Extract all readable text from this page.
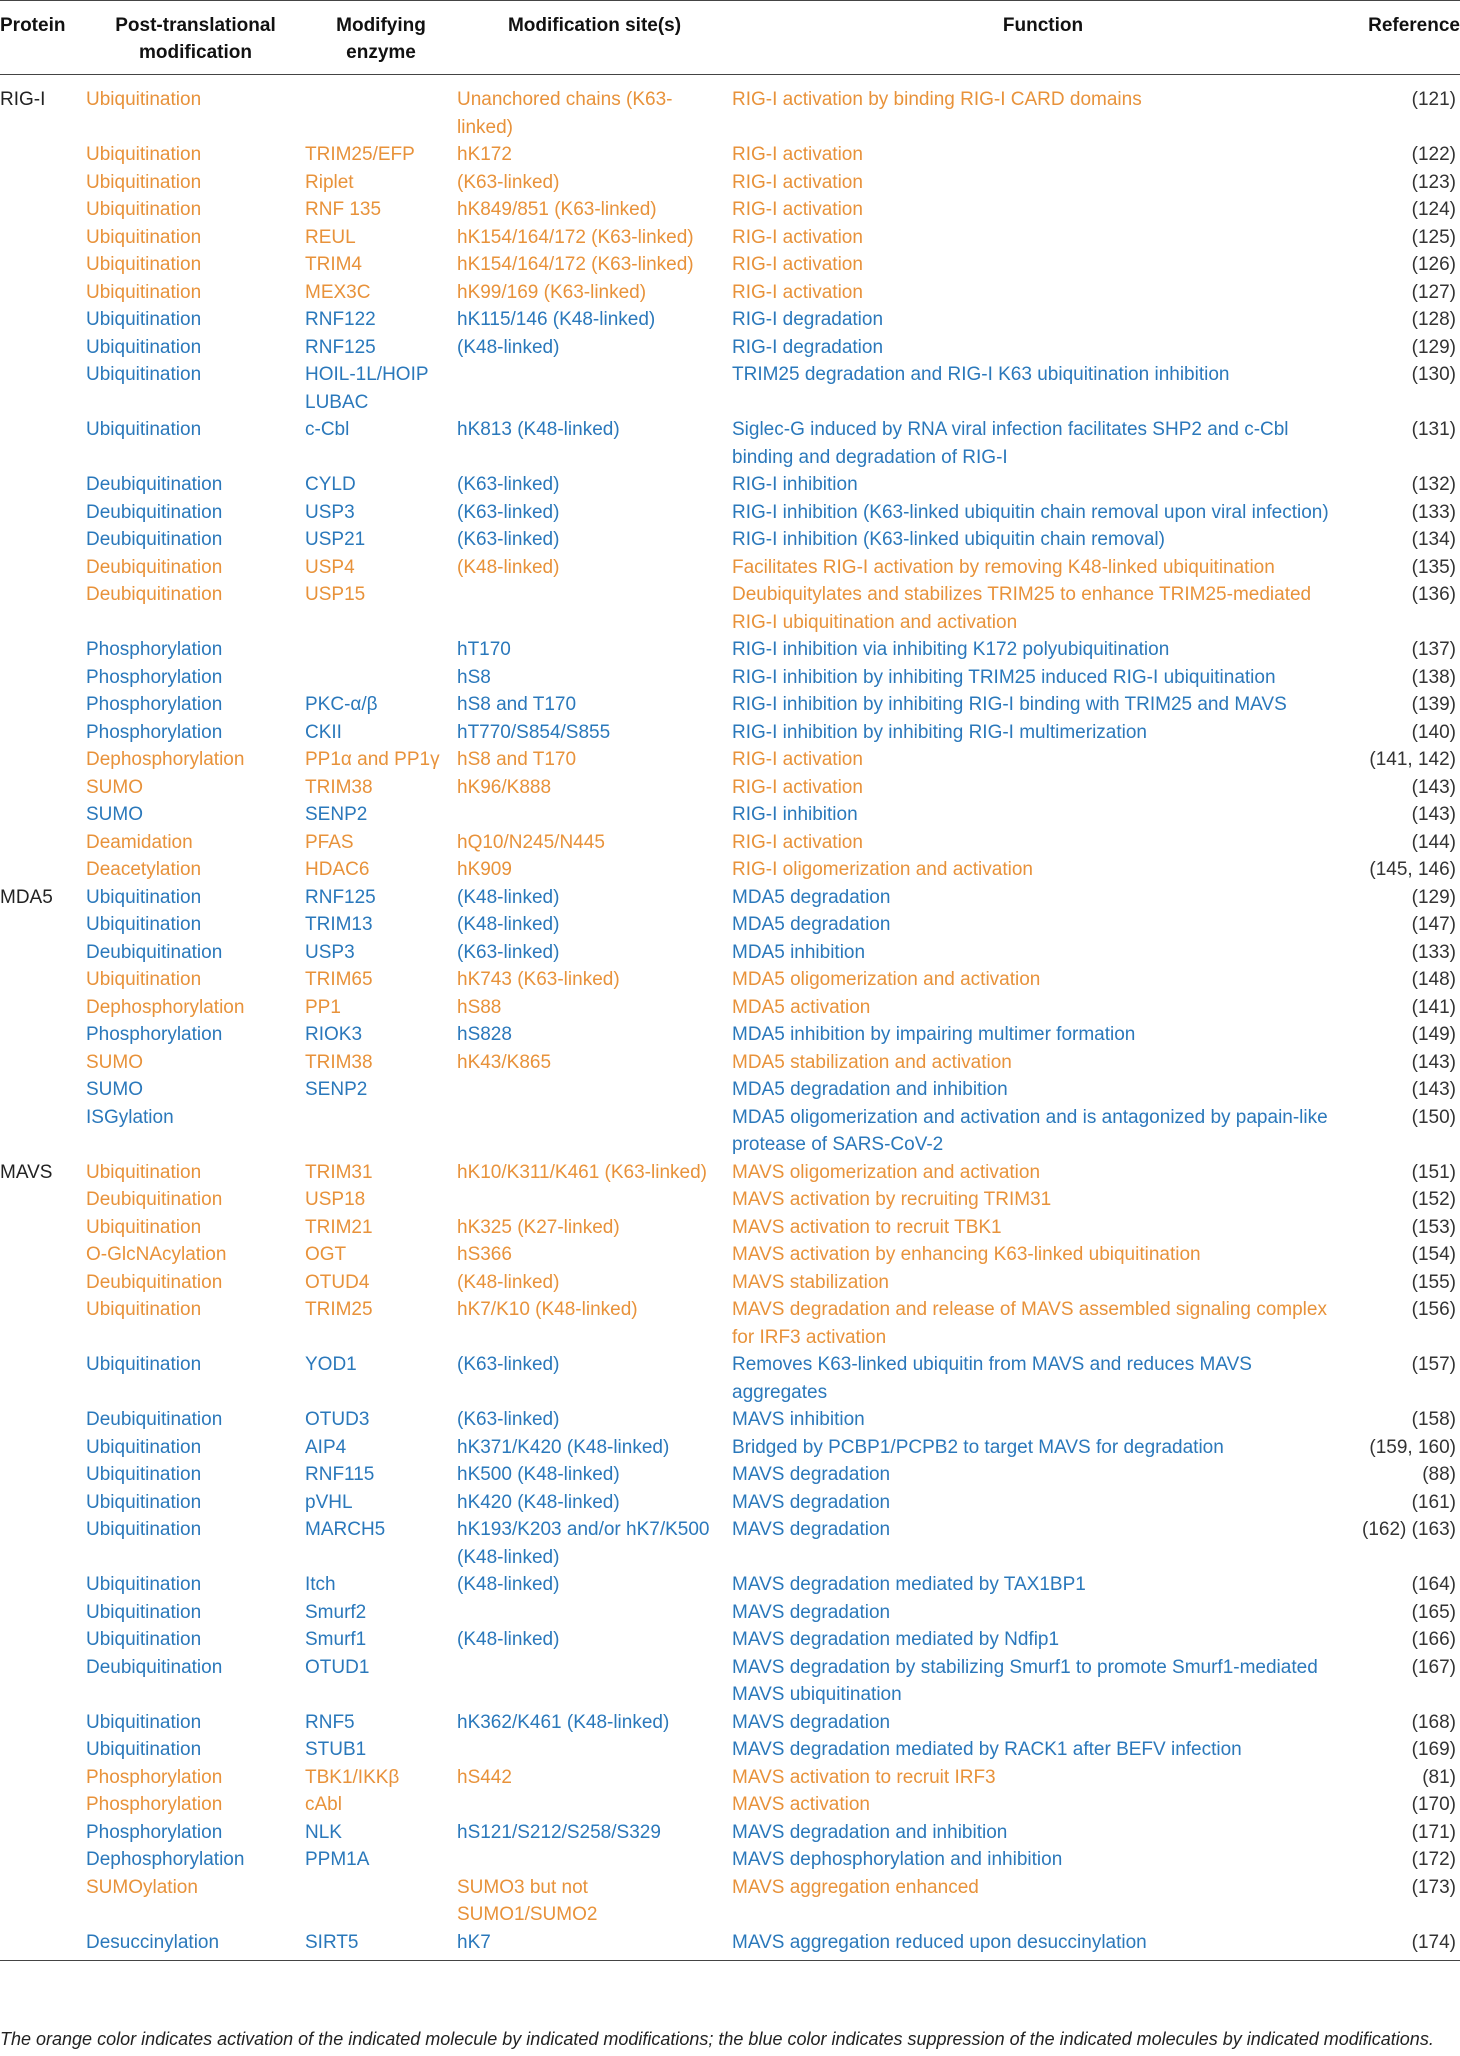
Protein	Post-translational modification	Modifying enzyme	Modification site(s)	Function	Reference
RIG-I	Ubiquitination		Unanchored chains (K63-linked)	RIG-I activation by binding RIG-I CARD domains	(121)
	Ubiquitination	TRIM25/EFP	hK172	RIG-I activation	(122)
	Ubiquitination	Riplet	(K63-linked)	RIG-I activation	(123)
	Ubiquitination	RNF 135	hK849/851 (K63-linked)	RIG-I activation	(124)
	Ubiquitination	REUL	hK154/164/172 (K63-linked)	RIG-I activation	(125)
	Ubiquitination	TRIM4	hK154/164/172 (K63-linked)	RIG-I activation	(126)
	Ubiquitination	MEX3C	hK99/169 (K63-linked)	RIG-I activation	(127)
	Ubiquitination	RNF122	hK115/146 (K48-linked)	RIG-I degradation	(128)
	Ubiquitination	RNF125	(K48-linked)	RIG-I degradation	(129)
	Ubiquitination	HOIL-1L/HOIP LUBAC		TRIM25 degradation and RIG-I K63 ubiquitination inhibition	(130)
	Ubiquitination	c-Cbl	hK813 (K48-linked)	Siglec-G induced by RNA viral infection facilitates SHP2 and c-Cbl binding and degradation of RIG-I	(131)
	Deubiquitination	CYLD	(K63-linked)	RIG-I inhibition	(132)
	Deubiquitination	USP3	(K63-linked)	RIG-I inhibition (K63-linked ubiquitin chain removal upon viral infection)	(133)
	Deubiquitination	USP21	(K63-linked)	RIG-I inhibition (K63-linked ubiquitin chain removal)	(134)
	Deubiquitination	USP4	(K48-linked)	Facilitates RIG-I activation by removing K48-linked ubiquitination	(135)
	Deubiquitination	USP15		Deubiquitylates and stabilizes TRIM25 to enhance TRIM25-mediated RIG-I ubiquitination and activation	(136)
	Phosphorylation		hT170	RIG-I inhibition via inhibiting K172 polyubiquitination	(137)
	Phosphorylation		hS8	RIG-I inhibition by inhibiting TRIM25 induced RIG-I ubiquitination	(138)
	Phosphorylation	PKC-α/β	hS8 and T170	RIG-I inhibition by inhibiting RIG-I binding with TRIM25 and MAVS	(139)
	Phosphorylation	CKII	hT770/S854/S855	RIG-I inhibition by inhibiting RIG-I multimerization	(140)
	Dephosphorylation	PP1α and PP1γ	hS8 and T170	RIG-I activation	(141, 142)
	SUMO	TRIM38	hK96/K888	RIG-I activation	(143)
	SUMO	SENP2		RIG-I inhibition	(143)
	Deamidation	PFAS	hQ10/N245/N445	RIG-I activation	(144)
	Deacetylation	HDAC6	hK909	RIG-I oligomerization and activation	(145, 146)
MDA5	Ubiquitination	RNF125	(K48-linked)	MDA5 degradation	(129)
	Ubiquitination	TRIM13	(K48-linked)	MDA5 degradation	(147)
	Deubiquitination	USP3	(K63-linked)	MDA5 inhibition	(133)
	Ubiquitination	TRIM65	hK743 (K63-linked)	MDA5 oligomerization and activation	(148)
	Dephosphorylation	PP1	hS88	MDA5 activation	(141)
	Phosphorylation	RIOK3	hS828	MDA5 inhibition by impairing multimer formation	(149)
	SUMO	TRIM38	hK43/K865	MDA5 stabilization and activation	(143)
	SUMO	SENP2		MDA5 degradation and inhibition	(143)
	ISGylation			MDA5 oligomerization and activation and is antagonized by papain-like protease of SARS-CoV-2	(150)
MAVS	Ubiquitination	TRIM31	hK10/K311/K461 (K63-linked)	MAVS oligomerization and activation	(151)
	Deubiquitination	USP18		MAVS activation by recruiting TRIM31	(152)
	Ubiquitination	TRIM21	hK325 (K27-linked)	MAVS activation to recruit TBK1	(153)
	O-GlcNAcylation	OGT	hS366	MAVS activation by enhancing K63-linked ubiquitination	(154)
	Deubiquitination	OTUD4	(K48-linked)	MAVS stabilization	(155)
	Ubiquitination	TRIM25	hK7/K10 (K48-linked)	MAVS degradation and release of MAVS assembled signaling complex for IRF3 activation	(156)
	Ubiquitination	YOD1	(K63-linked)	Removes K63-linked ubiquitin from MAVS and reduces MAVS aggregates	(157)
	Deubiquitination	OTUD3	(K63-linked)	MAVS inhibition	(158)
	Ubiquitination	AIP4	hK371/K420 (K48-linked)	Bridged by PCBP1/PCPB2 to target MAVS for degradation	(159, 160)
	Ubiquitination	RNF115	hK500 (K48-linked)	MAVS degradation	(88)
	Ubiquitination	pVHL	hK420 (K48-linked)	MAVS degradation	(161)
	Ubiquitination	MARCH5	hK193/K203 and/or hK7/K500 (K48-linked)	MAVS degradation	(162) (163)
	Ubiquitination	Itch	(K48-linked)	MAVS degradation mediated by TAX1BP1	(164)
	Ubiquitination	Smurf2		MAVS degradation	(165)
	Ubiquitination	Smurf1	(K48-linked)	MAVS degradation mediated by Ndfip1	(166)
	Deubiquitination	OTUD1		MAVS degradation by stabilizing Smurf1 to promote Smurf1-mediated MAVS ubiquitination	(167)
	Ubiquitination	RNF5	hK362/K461 (K48-linked)	MAVS degradation	(168)
	Ubiquitination	STUB1		MAVS degradation mediated by RACK1 after BEFV infection	(169)
	Phosphorylation	TBK1/IKKβ	hS442	MAVS activation to recruit IRF3	(81)
	Phosphorylation	cAbl		MAVS activation	(170)
	Phosphorylation	NLK	hS121/S212/S258/S329	MAVS degradation and inhibition	(171)
	Dephosphorylation	PPM1A		MAVS dephosphorylation and inhibition	(172)
	SUMOylation		SUMO3 but not SUMO1/SUMO2	MAVS aggregation enhanced	(173)
	Desuccinylation	SIRT5	hK7	MAVS aggregation reduced upon desuccinylation	(174)
The orange color indicates activation of the indicated molecule by indicated modifications; the blue color indicates suppression of the indicated molecules by indicated modifications.
